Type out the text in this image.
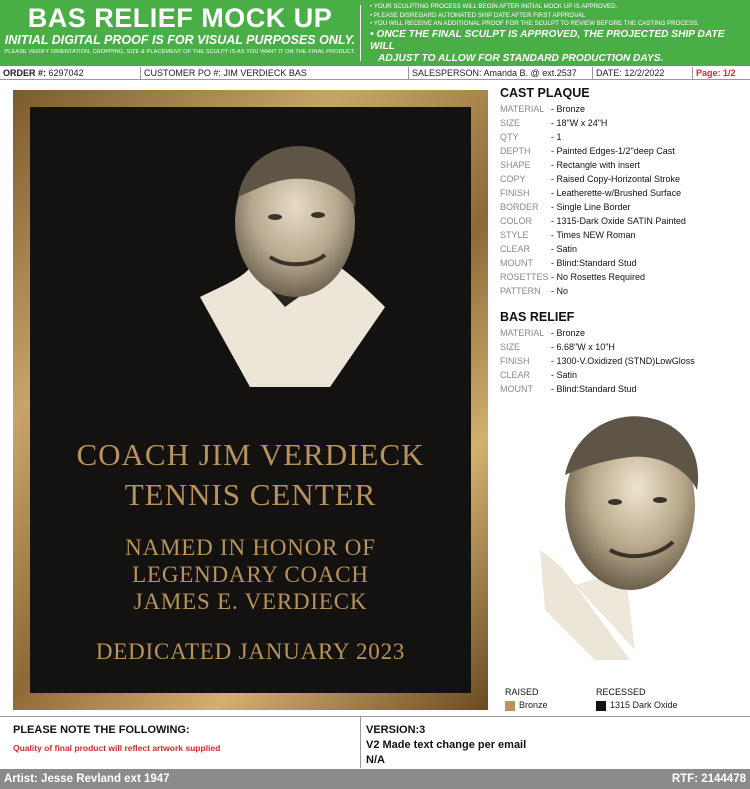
BAS RELIEF MOCK UP
INITIAL DIGITAL PROOF IS FOR VISUAL PURPOSES ONLY.
PLEASE VERIFY ORIENTATION, CROPPING, SIZE & PLACEMENT OF THE SCULPT IS AS YOU WANT IT ON THE FINAL PRODUCT.
• YOUR SCULPTING PROCESS WILL BEGIN AFTER INITIAL MOCK UP IS APPROVED.
• PLEASE DISREGARD AUTOMATED SHIP DATE AFTER FIRST APPROVAL
• YOU WILL RECEIVE AN ADDITIONAL PROOF FOR THE SCULPT TO REVIEW BEFORE THE CASTING PROCESS.
• ONCE THE FINAL SCULPT IS APPROVED, THE PROJECTED SHIP DATE WILL
ADJUST TO ALLOW FOR STANDARD PRODUCTION DAYS.
ORDER #: 6297042	CUSTOMER PO #: JIM VERDIECK BAS	SALESPERSON: Amanda B. @ ext.2537	DATE: 12/2/2022	Page: 1/2
COACH JIM VERDIECK
TENNIS CENTER
NAMED IN HONOR OF
LEGENDARY COACH
JAMES E. VERDIECK
DEDICATED JANUARY 2023
CAST PLAQUE
MATERIAL - Bronze
SIZE	- 18"W x 24"H
QTY	- 1
DEPTH - Painted Edges-1/2"deep Cast
SHAPE - Rectangle with insert
COPY	- Raised Copy-Horizontal Stroke
FINISH - Leatherette-w/Brushed Surface
BORDER - Single Line Border
COLOR - 1315-Dark Oxide SATIN Painted
STYLE - Times NEW Roman
CLEAR - Satin
MOUNT - Blind:Standard Stud
ROSETTES - No Rosettes Required
PATTERN - No
BAS RELIEF
MATERIAL - Bronze
SIZE	- 6.68"W x 10"H
FINISH - 1300-V.Oxidized (STND)LowGloss
CLEAR - Satin
MOUNT - Blind:Standard Stud
RAISED
Bronze
RECESSED
1315 Dark Oxide
PLEASE NOTE THE FOLLOWING:
Quality of final product will reflect artwork supplied
VERSION:3
V2 Made text change per email
N/A
Artist: Jesse Revland ext 1947	RTF: 2144478
